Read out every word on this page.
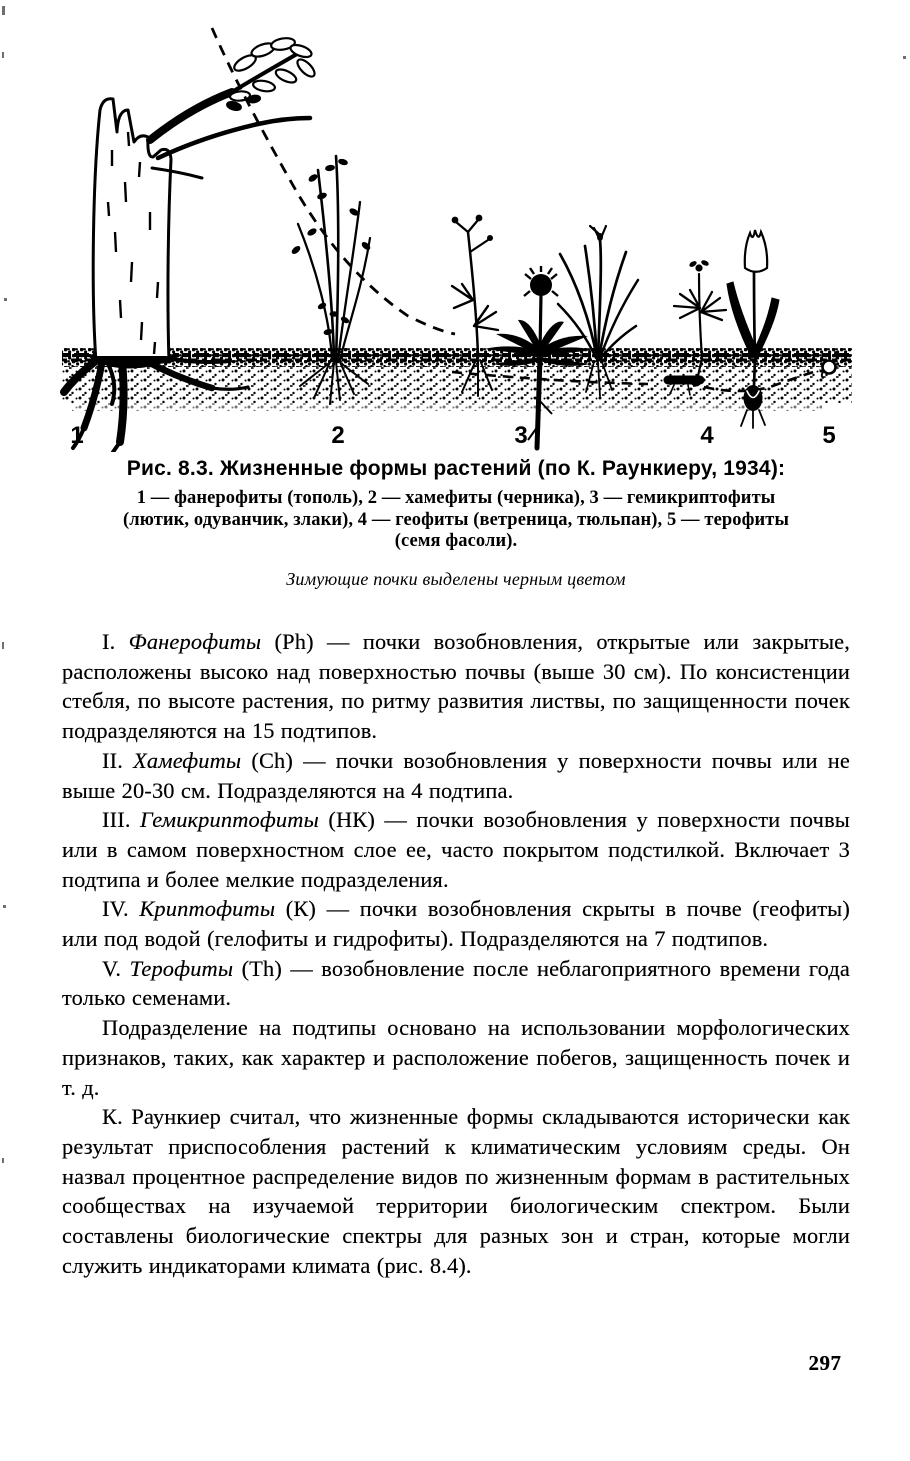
1	2	3	4	5
Рис. 8.3. Жизненные формы растений (по К. Раункиеру, 1934):
1 — фанерофиты (тополь), 2 — хамефиты (черника), 3 — гемикриптофиты
(лютик, одуванчик, злаки), 4 — геофиты (ветреница, тюльпан), 5 — терофиты
(семя фасоли).
Зимующие почки выделены черным цветом

I. Фанерофиты (Ph) — почки возобновления, открытые или закрытые, расположены высоко над поверхностью почвы (выше 30 см). По консистенции стебля, по высоте растения, по ритму развития листвы, по защищенности почек подразделяются на 15 подтипов.

II. Хамефиты (Ch) — почки возобновления у поверхности почвы или не выше 20-30 см. Подразделяются на 4 подтипа.

III. Гемикриптофиты (НК) — почки возобновления у поверхности почвы или в самом поверхностном слое ее, часто покрытом подстилкой. Включает 3 подтипа и более мелкие подразделения.

IV. Криптофиты (К) — почки возобновления скрыты в почве (геофиты) или под водой (гелофиты и гидрофиты). Подразделяются на 7 подтипов.

V. Терофиты (Th) — возобновление после неблагоприятного времени года только семенами.

Подразделение на подтипы основано на использовании морфологических признаков, таких, как характер и расположение побегов, защищенность почек и т. д.

К. Раункиер считал, что жизненные формы складываются исторически как результат приспособления растений к климатическим условиям среды. Он назвал процентное распределение видов по жизненным формам в растительных сообществах на изучаемой территории биологическим спектром. Были составлены биологические спектры для разных зон и стран, которые могли служить индикаторами климата (рис. 8.4).

297
